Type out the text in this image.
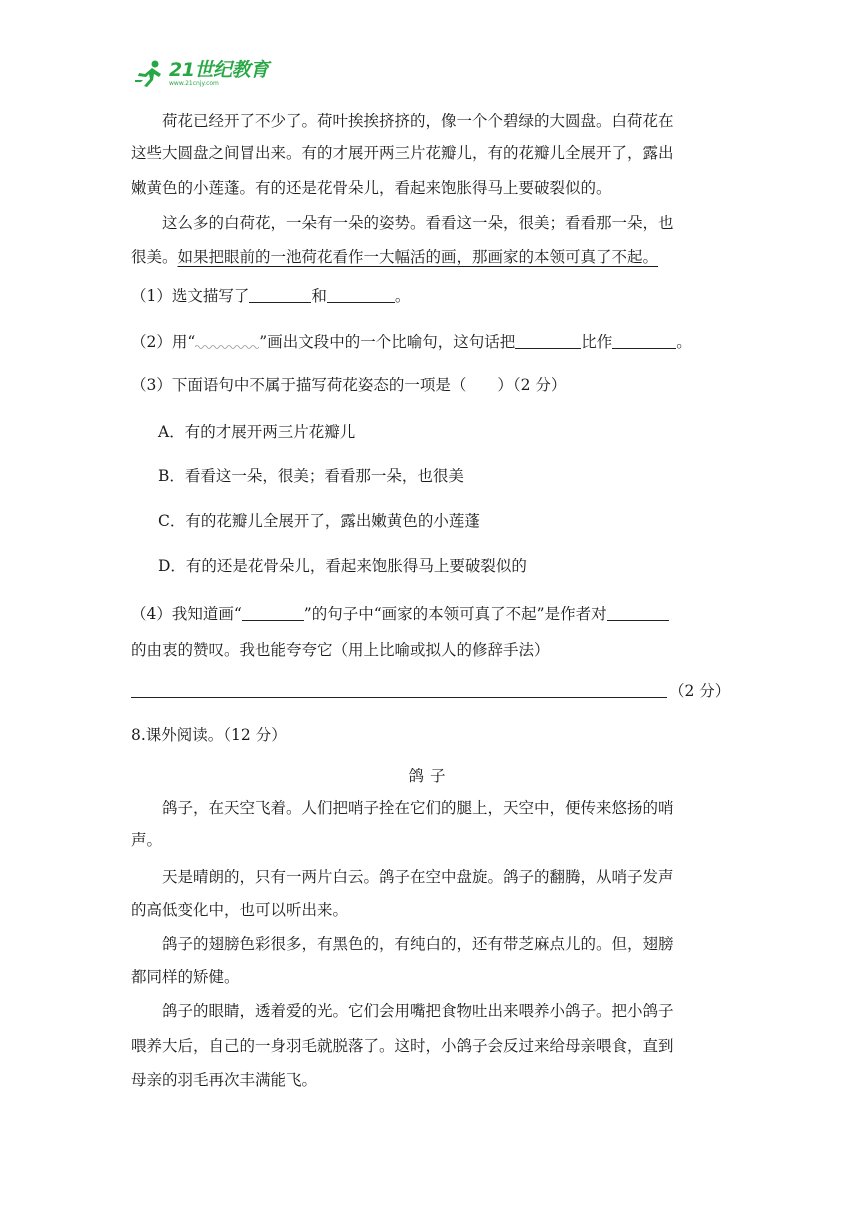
21世纪教育
www.21cnjy.com
荷花已经开了不少了。荷叶挨挨挤挤的，像一个个碧绿的大圆盘。白荷花在
这些大圆盘之间冒出来。有的才展开两三片花瓣儿，有的花瓣儿全展开了，露出
嫩黄色的小莲蓬。有的还是花骨朵儿，看起来饱胀得马上要破裂似的。
这么多的白荷花，一朵有一朵的姿势。看看这一朵，很美；看看那一朵，也
很美。如果把眼前的一池荷花看作一大幅活的画，那画家的本领可真了不起。
（1）选文描写了	和	。
（2）用“	”画出文段中的一个比喻句，这句话把	比作	。
（3）下面语句中不属于描写荷花姿态的一项是（　　）（2 分）
A．有的才展开两三片花瓣儿
B．看看这一朵，很美；看看那一朵，也很美
C．有的花瓣儿全展开了，露出嫩黄色的小莲蓬
D．有的还是花骨朵儿，看起来饱胀得马上要破裂似的
（4）我知道画“	”的句子中“画家的本领可真了不起”是作者对
的由衷的赞叹。我也能夸夸它（用上比喻或拟人的修辞手法）
（2 分）
8.课外阅读。（12 分）
鸽子
鸽子，在天空飞着。人们把哨子拴在它们的腿上，天空中，便传来悠扬的哨
声。
天是晴朗的，只有一两片白云。鸽子在空中盘旋。鸽子的翻腾，从哨子发声
的高低变化中，也可以听出来。
鸽子的翅膀色彩很多，有黑色的，有纯白的，还有带芝麻点儿的。但，翅膀
都同样的矫健。
鸽子的眼睛，透着爱的光。它们会用嘴把食物吐出来喂养小鸽子。把小鸽子
喂养大后，自己的一身羽毛就脱落了。这时，小鸽子会反过来给母亲喂食，直到
母亲的羽毛再次丰满能飞。
